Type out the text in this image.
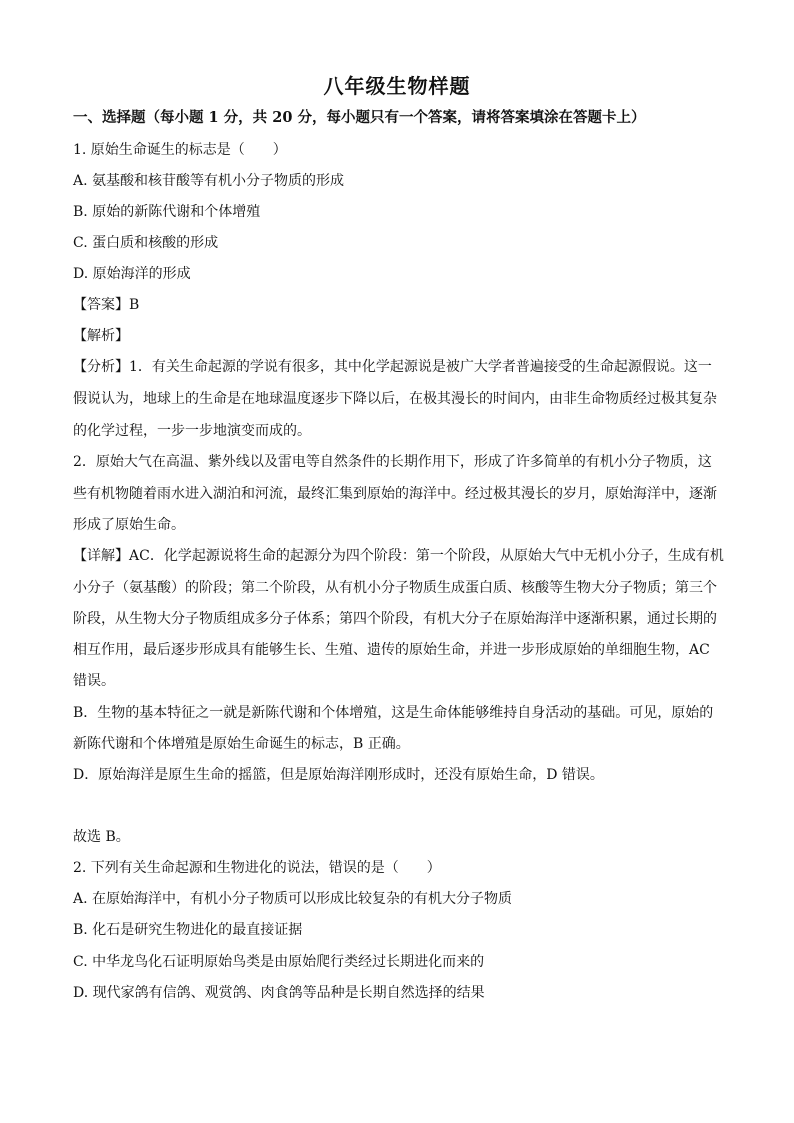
八年级生物样题
一、选择题（每小题 1 分，共 20 分，每小题只有一个答案，请将答案填涂在答题卡上）
1. 原始生命诞生的标志是（　　）
A. 氨基酸和核苷酸等有机小分子物质的形成
B. 原始的新陈代谢和个体增殖
C. 蛋白质和核酸的形成
D. 原始海洋的形成
【答案】B
【解析】
【分析】1．有关生命起源的学说有很多，其中化学起源说是被广大学者普遍接受的生命起源假说。这一
假说认为，地球上的生命是在地球温度逐步下降以后，在极其漫长的时间内，由非生命物质经过极其复杂
的化学过程，一步一步地演变而成的。
2．原始大气在高温、紫外线以及雷电等自然条件的长期作用下，形成了许多简单的有机小分子物质，这
些有机物随着雨水进入湖泊和河流，最终汇集到原始的海洋中。经过极其漫长的岁月，原始海洋中，逐渐
形成了原始生命。
【详解】AC．化学起源说将生命的起源分为四个阶段：第一个阶段，从原始大气中无机小分子，生成有机
小分子（氨基酸）的阶段；第二个阶段，从有机小分子物质生成蛋白质、核酸等生物大分子物质；第三个
阶段，从生物大分子物质组成多分子体系；第四个阶段，有机大分子在原始海洋中逐渐积累，通过长期的
相互作用，最后逐步形成具有能够生长、生殖、遗传的原始生命，并进一步形成原始的单细胞生物，AC
错误。
B．生物的基本特征之一就是新陈代谢和个体增殖，这是生命体能够维持自身活动的基础。可见，原始的
新陈代谢和个体增殖是原始生命诞生的标志，B 正确。
D．原始海洋是原生生命的摇篮，但是原始海洋刚形成时，还没有原始生命，D 错误。
故选 B。
2. 下列有关生命起源和生物进化的说法，错误的是（　　）
A. 在原始海洋中，有机小分子物质可以形成比较复杂的有机大分子物质
B. 化石是研究生物进化的最直接证据
C. 中华龙鸟化石证明原始鸟类是由原始爬行类经过长期进化而来的
D. 现代家鸽有信鸽、观赏鸽、肉食鸽等品种是长期自然选择的结果
